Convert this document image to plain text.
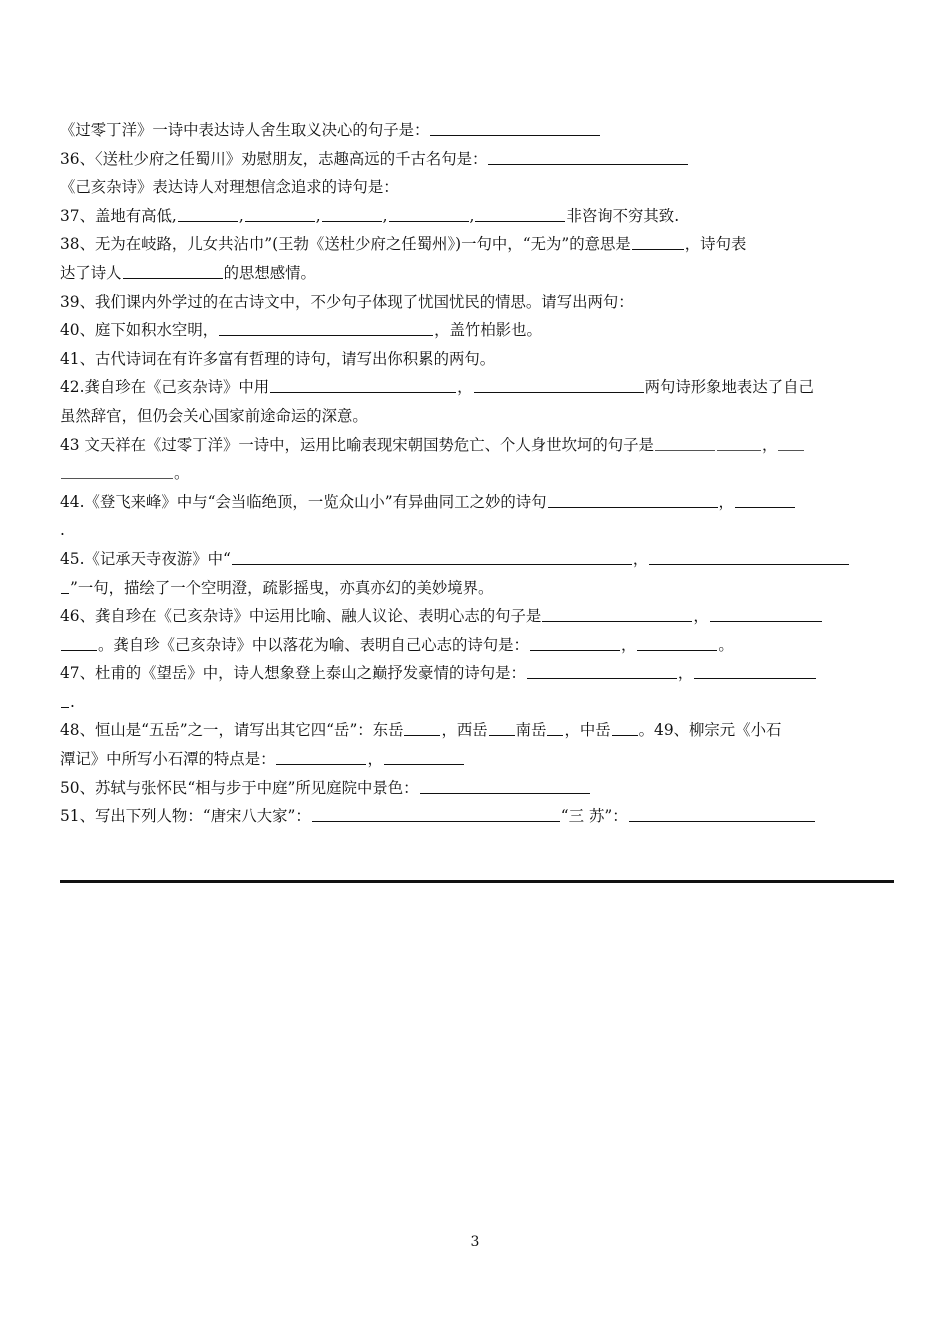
《过零丁洋》一诗中表达诗人舍生取义决心的句子是：
36、〈送杜少府之任蜀川》劝慰朋友，志趣高远的千古名句是：
《己亥杂诗》表达诗人对理想信念追求的诗句是：
37、盖地有高低,	,	,	,	,	非咨询不穷其致.
38、无为在岐路，儿女共沾巾”(王勃《送杜少府之任蜀州》)一句中，“无为”的意思是	，诗句表
达了诗人	的思想感情。
39、我们课内外学过的在古诗文中，不少句子体现了忧国忧民的情思。请写出两句：
40、庭下如积水空明，	，盖竹柏影也。
41、古代诗词在有许多富有哲理的诗句，请写出你积累的两句。
42.龚自珍在《己亥杂诗》中用	，	两句诗形象地表达了自己
虽然辞官，但仍会关心国家前途命运的深意。
43 文天祥在《过零丁洋》一诗中，运用比喻表现宋朝国势危亡、个人身世坎坷的句子是	，
。
44.《登飞来峰》中与“会当临绝顶，一览众山小”有异曲同工之妙的诗句	，
.
45.《记承天寺夜游》中“	，
”一句，描绘了一个空明澄，疏影摇曳，亦真亦幻的美妙境界。
46、龚自珍在《己亥杂诗》中运用比喻、融人议论、表明心志的句子是	，
。龚自珍《己亥杂诗》中以落花为喻、表明自己心志的诗句是：	，	。
47、杜甫的《望岳》中，诗人想象登上泰山之巅抒发豪情的诗句是：	，
.
48、恒山是“五岳”之一，请写出其它四“岳”：东岳 ，西岳 南岳 ，中岳 。49、柳宗元《小石
潭记》中所写小石潭的特点是：	，
50、苏轼与张怀民“相与步于中庭”所见庭院中景色：
51、写出下列人物：“唐宋八大家”：	“三 苏”：
3
